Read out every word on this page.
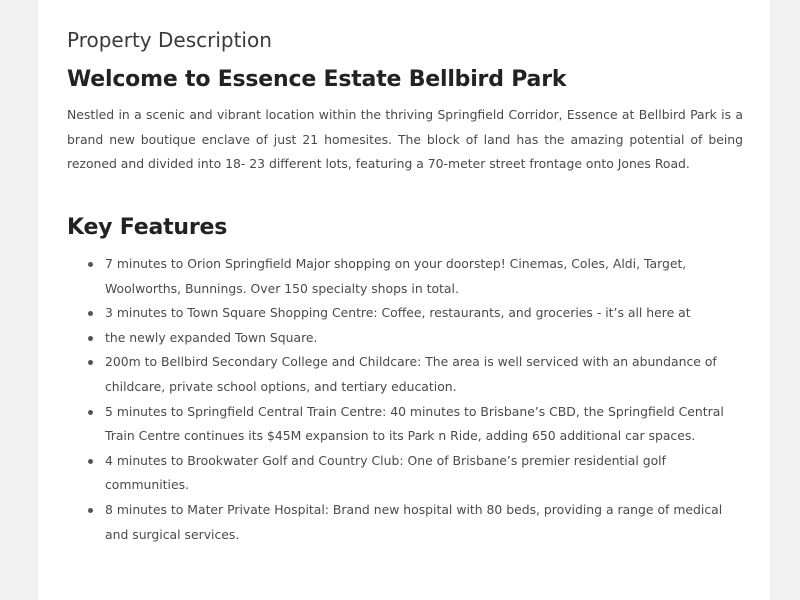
Property Description
Welcome to Essence Estate Bellbird Park

Nestled in a scenic and vibrant location within the thriving Springfield Corridor, Essence at Bellbird Park is a brand new boutique enclave of just 21 homesites. The block of land has the amazing potential of being rezoned and divided into 18- 23 different lots, featuring a 70-meter street frontage onto Jones Road.

Key Features
7 minutes to Orion Springfield Major shopping on your doorstep! Cinemas, Coles, Aldi, Target, Woolworths, Bunnings. Over 150 specialty shops in total.
3 minutes to Town Square Shopping Centre: Coffee, restaurants, and groceries - it’s all here at
the newly expanded Town Square.
200m to Bellbird Secondary College and Childcare: The area is well serviced with an abundance of childcare, private school options, and tertiary education.
5 minutes to Springfield Central Train Centre: 40 minutes to Brisbane’s CBD, the Springfield Central Train Centre continues its $45M expansion to its Park n Ride, adding 650 additional car spaces.
4 minutes to Brookwater Golf and Country Club: One of Brisbane’s premier residential golf communities.
8 minutes to Mater Private Hospital: Brand new hospital with 80 beds, providing a range of medical and surgical services.
